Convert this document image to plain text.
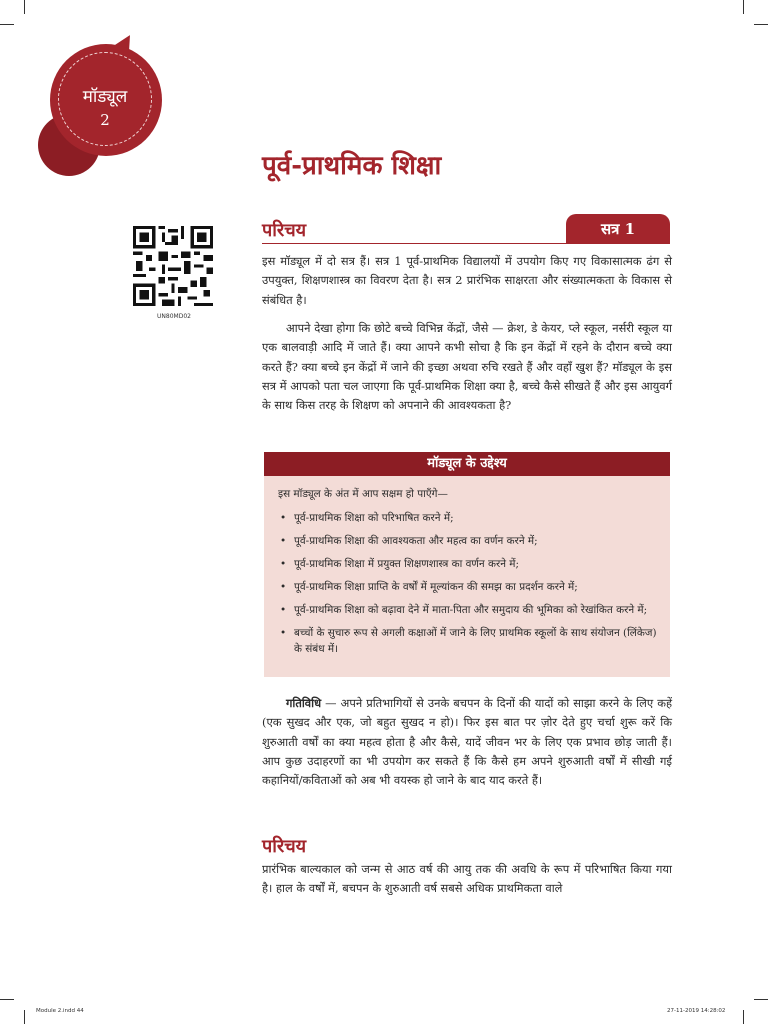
मॉड्यूल
2
पूर्व-प्राथमिक शिक्षा
UN80MD02
परिचय	सत्र 1

इस मॉड्यूल में दो सत्र हैं। सत्र 1 पूर्व-प्राथमिक विद्यालयों में उपयोग किए गए विकासात्मक ढंग से उपयुक्त, शिक्षणशास्त्र का विवरण देता है। सत्र 2 प्रारंभिक साक्षरता और संख्यात्मकता के विकास से संबंधित है।

आपने देखा होगा कि छोटे बच्चे विभिन्न केंद्रों, जैसे — क्रेश, डे केयर, प्ले स्कूल, नर्सरी स्कूल या एक बालवाड़ी आदि में जाते हैं। क्या आपने कभी सोचा है कि इन केंद्रों में रहने के दौरान बच्चे क्या करते हैं? क्या बच्चे इन केंद्रों में जाने की इच्छा अथवा रुचि रखते हैं और वहाँ खुश हैं? मॉड्यूल के इस सत्र में आपको पता चल जाएगा कि पूर्व-प्राथमिक शिक्षा क्या है, बच्चे कैसे सीखते हैं और इस आयुवर्ग के साथ किस तरह के शिक्षण को अपनाने की आवश्यकता है?

मॉड्यूल के उद्देश्य
इस मॉड्यूल के अंत में आप सक्षम हो पाएँगे—
• पूर्व-प्राथमिक शिक्षा को परिभाषित करने में;
• पूर्व-प्राथमिक शिक्षा की आवश्यकता और महत्व का वर्णन करने में;
• पूर्व-प्राथमिक शिक्षा में प्रयुक्त शिक्षणशास्त्र का वर्णन करने में;
• पूर्व-प्राथमिक शिक्षा प्राप्ति के वर्षों में मूल्यांकन की समझ का प्रदर्शन करने में;
• पूर्व-प्राथमिक शिक्षा को बढ़ावा देने में माता-पिता और समुदाय की भूमिका को रेखांकित करने में;
• बच्चों के सुचारु रूप से अगली कक्षाओं में जाने के लिए प्राथमिक स्कूलों के साथ संयोजन (लिंकेज) के संबंध में।

गतिविधि — अपने प्रतिभागियों से उनके बचपन के दिनों की यादों को साझा करने के लिए कहें (एक सुखद और एक, जो बहुत सुखद न हो)। फिर इस बात पर ज़ोर देते हुए चर्चा शुरू करें कि शुरुआती वर्षों का क्या महत्व होता है और कैसे, यादें जीवन भर के लिए एक प्रभाव छोड़ जाती हैं। आप कुछ उदाहरणों का भी उपयोग कर सकते हैं कि कैसे हम अपने शुरुआती वर्षों में सीखी गई कहानियों/कविताओं को अब भी वयस्क हो जाने के बाद याद करते हैं।

परिचय

प्रारंभिक बाल्यकाल को जन्म से आठ वर्ष की आयु तक की अवधि के रूप में परिभाषित किया गया है। हाल के वर्षों में, बचपन के शुरुआती वर्ष सबसे अधिक प्राथमिकता वाले

Module 2.indd 44	27-11-2019 14:28:02
